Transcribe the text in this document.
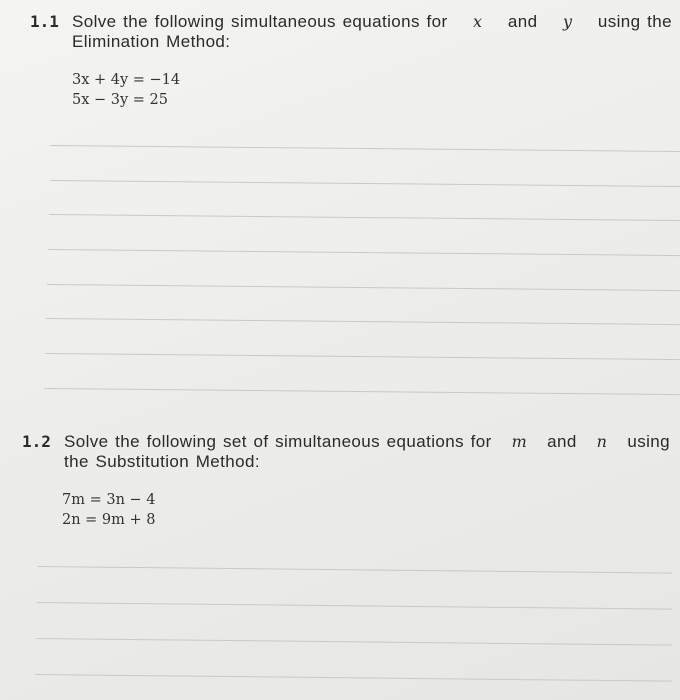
1.1 Solve the following simultaneous equations for x and y using the
Elimination Method:
3x + 4y = −14
5x − 3y = 25
1.2 Solve the following set of simultaneous equations for m and n using
the Substitution Method:
7m = 3n − 4
2n = 9m + 8
